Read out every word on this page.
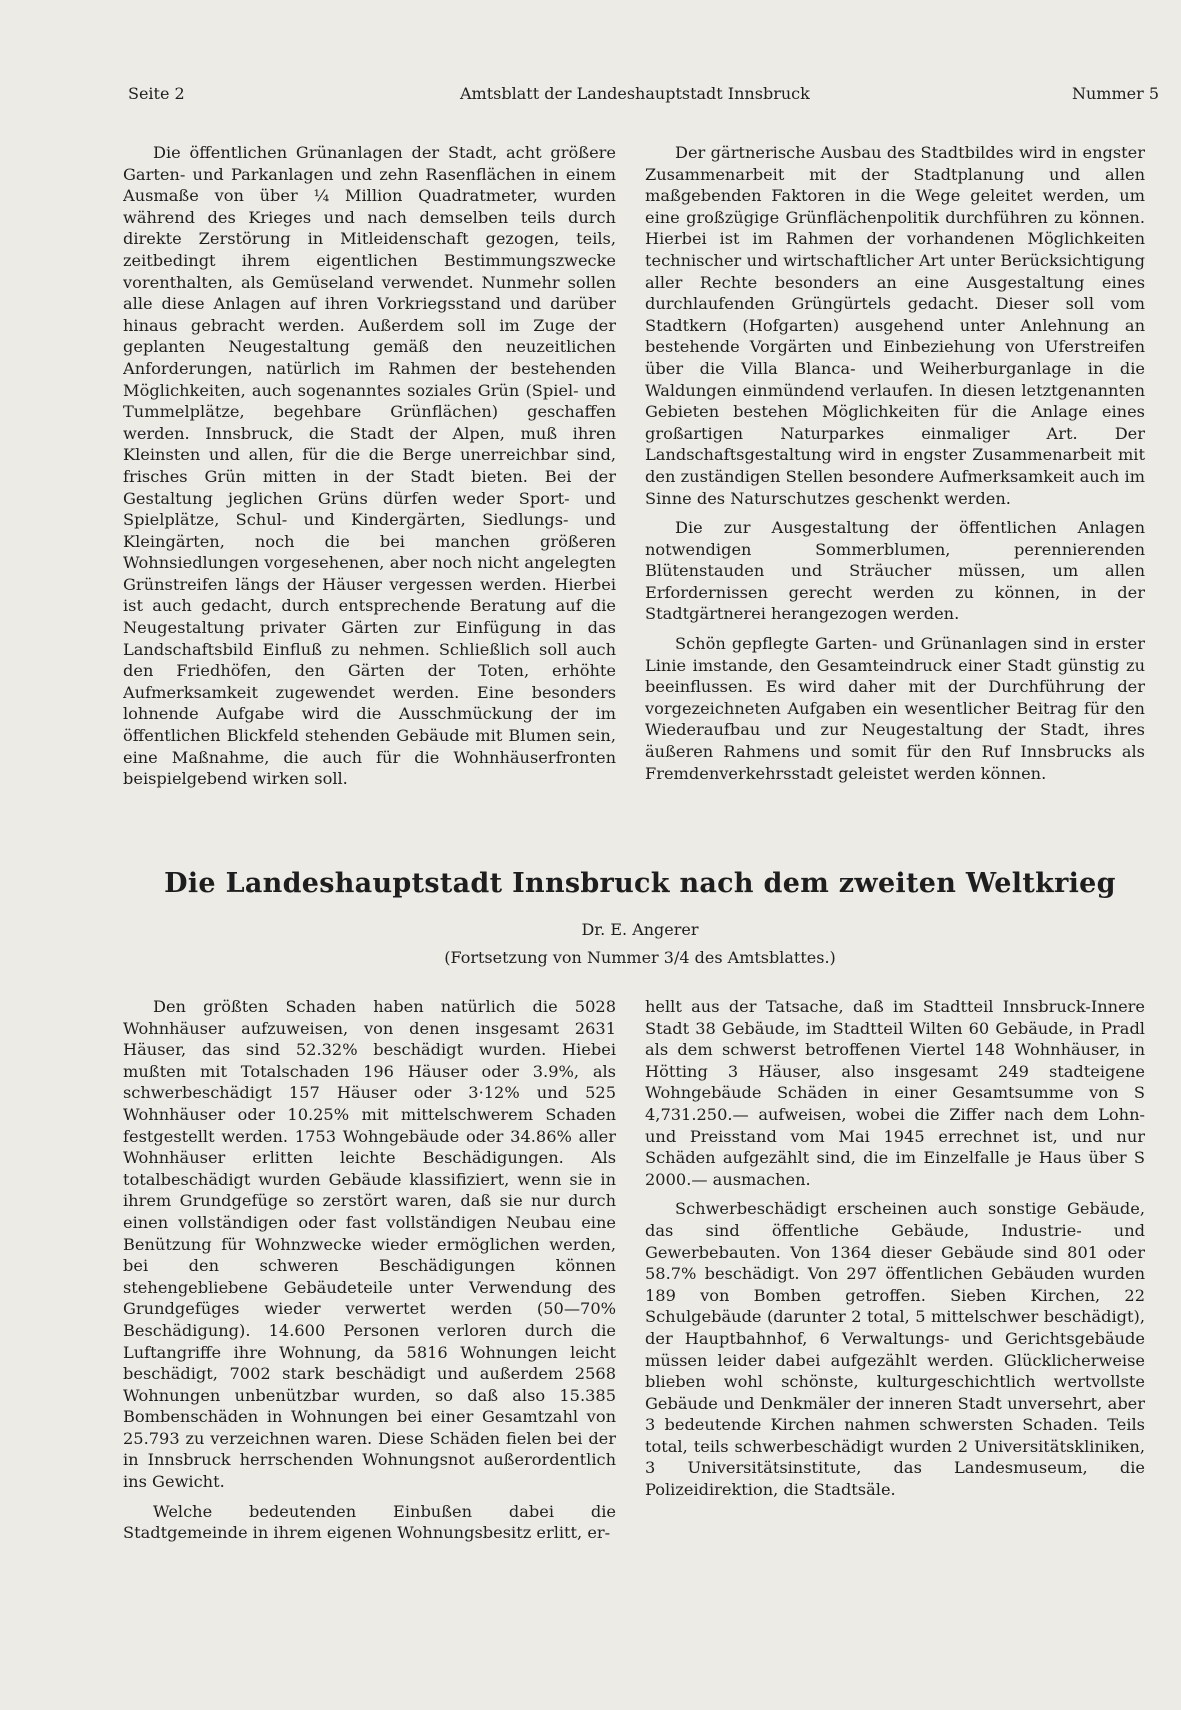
Seite 2	Amtsblatt der Landeshauptstadt Innsbruck	Nummer 5

Die öffentlichen Grünanlagen der Stadt, acht größere Garten- und Parkanlagen und zehn Rasenflächen in einem Ausmaße von über ¼ Million Quadratmeter, wurden während des Krieges und nach demselben teils durch direkte Zerstörung in Mitleidenschaft gezogen, teils, zeitbedingt ihrem eigentlichen Bestimmungszwecke vorenthalten, als Gemüseland verwendet. Nunmehr sollen alle diese Anlagen auf ihren Vorkriegsstand und darüber hinaus gebracht werden. Außerdem soll im Zuge der geplanten Neugestaltung gemäß den neuzeitlichen Anforderungen, natürlich im Rahmen der bestehenden Möglichkeiten, auch sogenanntes soziales Grün (Spiel- und Tummelplätze, begehbare Grünflächen) geschaffen werden. Innsbruck, die Stadt der Alpen, muß ihren Kleinsten und allen, für die die Berge unerreichbar sind, frisches Grün mitten in der Stadt bieten. Bei der Gestaltung jeglichen Grüns dürfen weder Sport- und Spielplätze, Schul- und Kindergärten, Siedlungs- und Kleingärten, noch die bei manchen größeren Wohnsiedlungen vorgesehenen, aber noch nicht angelegten Grünstreifen längs der Häuser vergessen werden. Hierbei ist auch gedacht, durch entsprechende Beratung auf die Neugestaltung privater Gärten zur Einfügung in das Landschaftsbild Einfluß zu nehmen. Schließlich soll auch den Friedhöfen, den Gärten der Toten, erhöhte Aufmerksamkeit zugewendet werden. Eine besonders lohnende Aufgabe wird die Ausschmückung der im öffentlichen Blickfeld stehenden Gebäude mit Blumen sein, eine Maßnahme, die auch für die Wohnhäuserfronten beispielgebend wirken soll.

Der gärtnerische Ausbau des Stadtbildes wird in engster Zusammenarbeit mit der Stadtplanung und allen maßgebenden Faktoren in die Wege geleitet werden, um eine großzügige Grünflächenpolitik durchführen zu können. Hierbei ist im Rahmen der vorhandenen Möglichkeiten technischer und wirtschaftlicher Art unter Berücksichtigung aller Rechte besonders an eine Ausgestaltung eines durchlaufenden Grüngürtels gedacht. Dieser soll vom Stadtkern (Hofgarten) ausgehend unter Anlehnung an bestehende Vorgärten und Einbeziehung von Uferstreifen über die Villa Blanca- und Weiherburganlage in die Waldungen einmündend verlaufen. In diesen letztgenannten Gebieten bestehen Möglichkeiten für die Anlage eines großartigen Naturparkes einmaliger Art. Der Landschaftsgestaltung wird in engster Zusammenarbeit mit den zuständigen Stellen besondere Aufmerksamkeit auch im Sinne des Naturschutzes geschenkt werden.

Die zur Ausgestaltung der öffentlichen Anlagen notwendigen Sommerblumen, perennierenden Blütenstauden und Sträucher müssen, um allen Erfordernissen gerecht werden zu können, in der Stadtgärtnerei herangezogen werden.

Schön gepflegte Garten- und Grünanlagen sind in erster Linie imstande, den Gesamteindruck einer Stadt günstig zu beeinflussen. Es wird daher mit der Durchführung der vorgezeichneten Aufgaben ein wesentlicher Beitrag für den Wiederaufbau und zur Neugestaltung der Stadt, ihres äußeren Rahmens und somit für den Ruf Innsbrucks als Fremdenverkehrsstadt geleistet werden können.

Die Landeshauptstadt Innsbruck nach dem zweiten Weltkrieg
Dr. E. Angerer
(Fortsetzung von Nummer 3/4 des Amtsblattes.)

Den größten Schaden haben natürlich die 5028 Wohnhäuser aufzuweisen, von denen insgesamt 2631 Häuser, das sind 52.32% beschädigt wurden. Hiebei mußten mit Totalschaden 196 Häuser oder 3.9%, als schwerbeschädigt 157 Häuser oder 3·12% und 525 Wohnhäuser oder 10.25% mit mittelschwerem Schaden festgestellt werden. 1753 Wohngebäude oder 34.86% aller Wohnhäuser erlitten leichte Beschädigungen. Als totalbeschädigt wurden Gebäude klassifiziert, wenn sie in ihrem Grundgefüge so zerstört waren, daß sie nur durch einen vollständigen oder fast vollständigen Neubau eine Benützung für Wohnzwecke wieder ermöglichen werden, bei den schweren Beschädigungen können stehengebliebene Gebäudeteile unter Verwendung des Grundgefüges wieder verwertet werden (50—70% Beschädigung). 14.600 Personen verloren durch die Luftangriffe ihre Wohnung, da 5816 Wohnungen leicht beschädigt, 7002 stark beschädigt und außerdem 2568 Wohnungen unbenützbar wurden, so daß also 15.385 Bombenschäden in Wohnungen bei einer Gesamtzahl von 25.793 zu verzeichnen waren. Diese Schäden fielen bei der in Innsbruck herrschenden Wohnungsnot außerordentlich ins Gewicht.

Welche bedeutenden Einbußen dabei die Stadtgemeinde in ihrem eigenen Wohnungsbesitz erlitt, er-

hellt aus der Tatsache, daß im Stadtteil Innsbruck-Innere Stadt 38 Gebäude, im Stadtteil Wilten 60 Gebäude, in Pradl als dem schwerst betroffenen Viertel 148 Wohnhäuser, in Hötting 3 Häuser, also insgesamt 249 stadteigene Wohngebäude Schäden in einer Gesamtsumme von S 4,731.250.— aufweisen, wobei die Ziffer nach dem Lohn- und Preisstand vom Mai 1945 errechnet ist, und nur Schäden aufgezählt sind, die im Einzelfalle je Haus über S 2000.— ausmachen.

Schwerbeschädigt erscheinen auch sonstige Gebäude, das sind öffentliche Gebäude, Industrie- und Gewerbebauten. Von 1364 dieser Gebäude sind 801 oder 58.7% beschädigt. Von 297 öffentlichen Gebäuden wurden 189 von Bomben getroffen. Sieben Kirchen, 22 Schulgebäude (darunter 2 total, 5 mittelschwer beschädigt), der Hauptbahnhof, 6 Verwaltungs- und Gerichtsgebäude müssen leider dabei aufgezählt werden. Glücklicherweise blieben wohl schönste, kulturgeschichtlich wertvollste Gebäude und Denkmäler der inneren Stadt unversehrt, aber 3 bedeutende Kirchen nahmen schwersten Schaden. Teils total, teils schwerbeschädigt wurden 2 Universitätskliniken, 3 Universitätsinstitute, das Landesmuseum, die Polizeidirektion, die Stadtsäle.
